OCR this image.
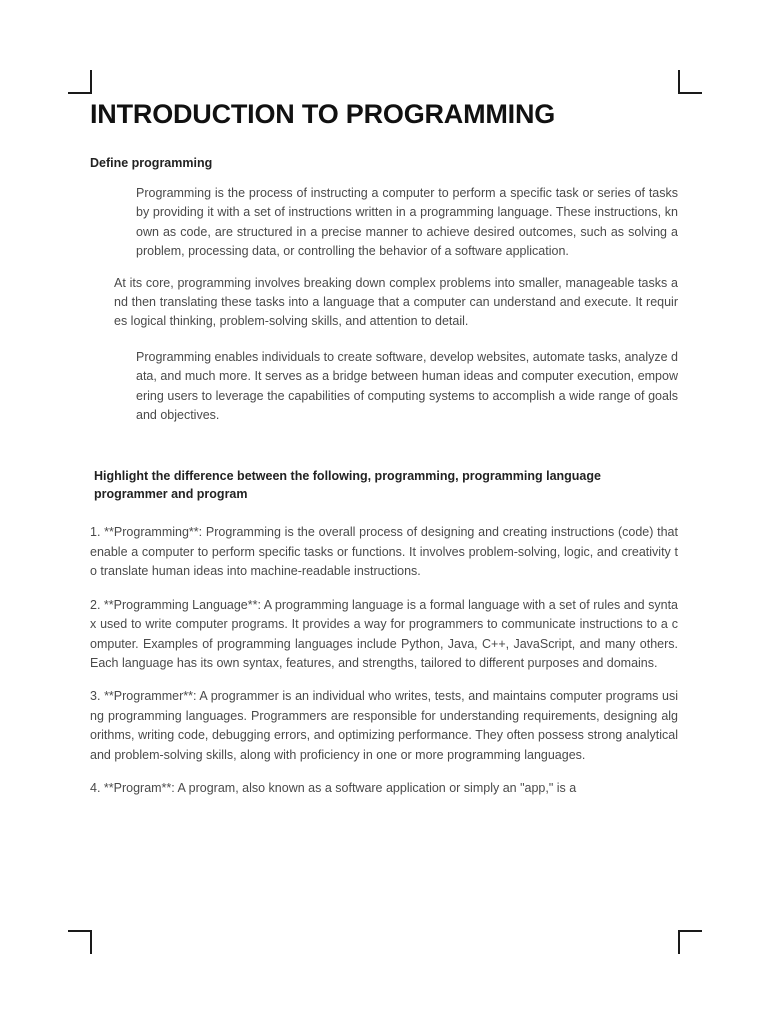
INTRODUCTION TO PROGRAMMING
Define programming

Programming is the process of instructing a computer to perform a specific task or series of tasks by providing it with a set of instructions written in a programming language. These instructions, known as code, are structured in a precise manner to achieve desired outcomes, such as solving a problem, processing data, or controlling the behavior of a software application.

At its core, programming involves breaking down complex problems into smaller, manageable tasks and then translating these tasks into a language that a computer can understand and execute. It requires logical thinking, problem-solving skills, and attention to detail.

Programming enables individuals to create software, develop websites, automate tasks, analyze data, and much more. It serves as a bridge between human ideas and computer execution, empowering users to leverage the capabilities of computing systems to accomplish a wide range of goals and objectives.

Highlight the difference between the following, programming, programming language programmer and program

1. **Programming**: Programming is the overall process of designing and creating instructions (code) that enable a computer to perform specific tasks or functions. It involves problem-solving, logic, and creativity to translate human ideas into machine-readable instructions.

2. **Programming Language**: A programming language is a formal language with a set of rules and syntax used to write computer programs. It provides a way for programmers to communicate instructions to a computer. Examples of programming languages include Python, Java, C++, JavaScript, and many others. Each language has its own syntax, features, and strengths, tailored to different purposes and domains.

3. **Programmer**: A programmer is an individual who writes, tests, and maintains computer programs using programming languages. Programmers are responsible for understanding requirements, designing algorithms, writing code, debugging errors, and optimizing performance. They often possess strong analytical and problem-solving skills, along with proficiency in one or more programming languages.

4. **Program**: A program, also known as a software application or simply an "app," is a
